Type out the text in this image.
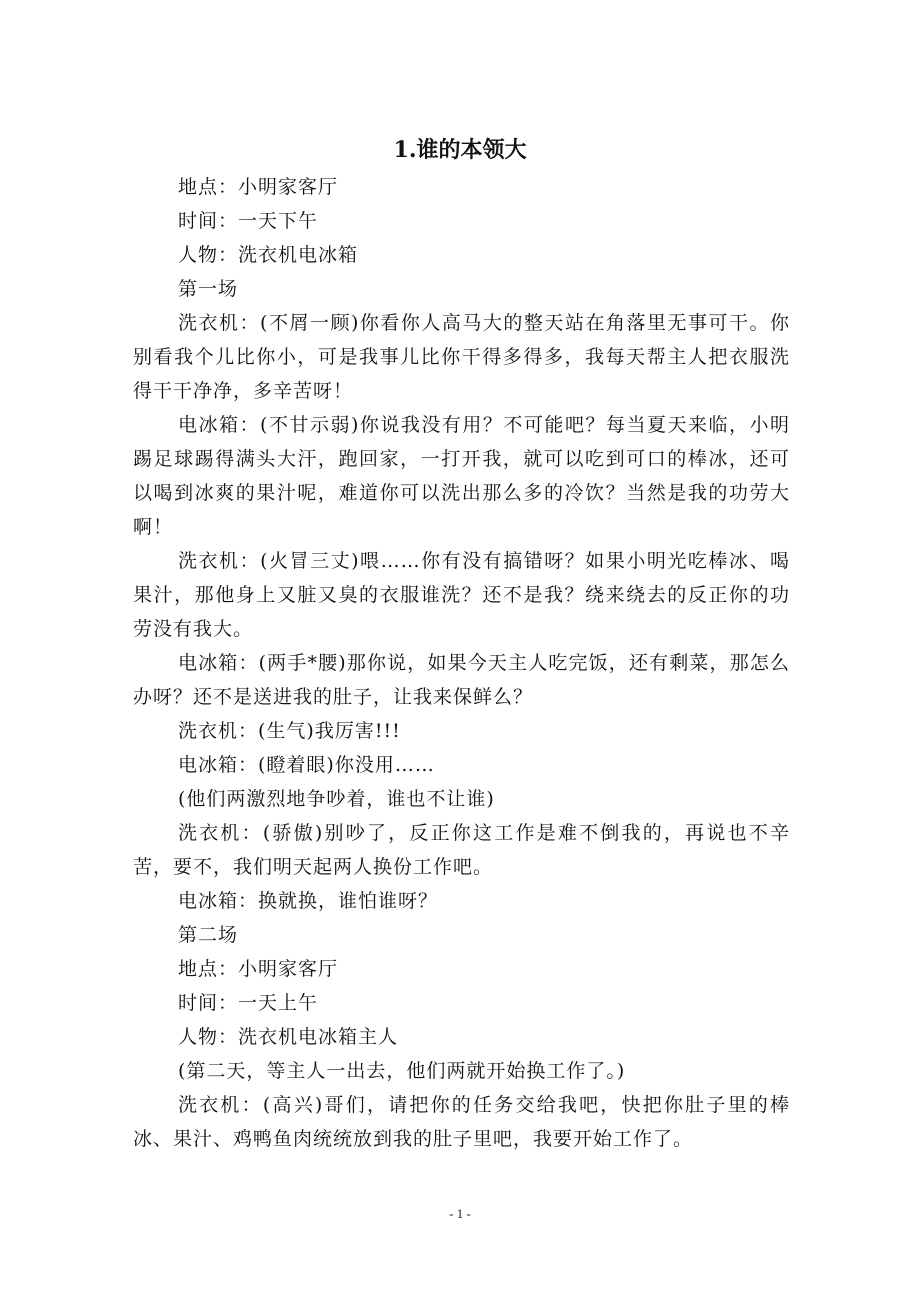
1.谁的本领大

地点：小明家客厅

时间：一天下午

人物：洗衣机电冰箱

第一场

洗衣机：(不屑一顾)你看你人高马大的整天站在角落里无事可干。你别看我个儿比你小，可是我事儿比你干得多得多，我每天帮主人把衣服洗得干干净净，多辛苦呀！

电冰箱：(不甘示弱)你说我没有用？不可能吧？每当夏天来临，小明踢足球踢得满头大汗，跑回家，一打开我，就可以吃到可口的棒冰，还可以喝到冰爽的果汁呢，难道你可以洗出那么多的冷饮？当然是我的功劳大啊！

洗衣机：(火冒三丈)喂……你有没有搞错呀？如果小明光吃棒冰、喝果汁，那他身上又脏又臭的衣服谁洗？还不是我？绕来绕去的反正你的功劳没有我大。

电冰箱：(两手*腰)那你说，如果今天主人吃完饭，还有剩菜，那怎么办呀？还不是送进我的肚子，让我来保鲜么？

洗衣机：(生气)我厉害!!!

电冰箱：(瞪着眼)你没用……

(他们两激烈地争吵着，谁也不让谁)

洗衣机：(骄傲)别吵了，反正你这工作是难不倒我的，再说也不辛苦，要不，我们明天起两人换份工作吧。

电冰箱：换就换，谁怕谁呀？

第二场

地点：小明家客厅

时间：一天上午

人物：洗衣机电冰箱主人

(第二天，等主人一出去，他们两就开始换工作了。)

洗衣机：(高兴)哥们，请把你的任务交给我吧，快把你肚子里的棒冰、果汁、鸡鸭鱼肉统统放到我的肚子里吧，我要开始工作了。

- 1 -
